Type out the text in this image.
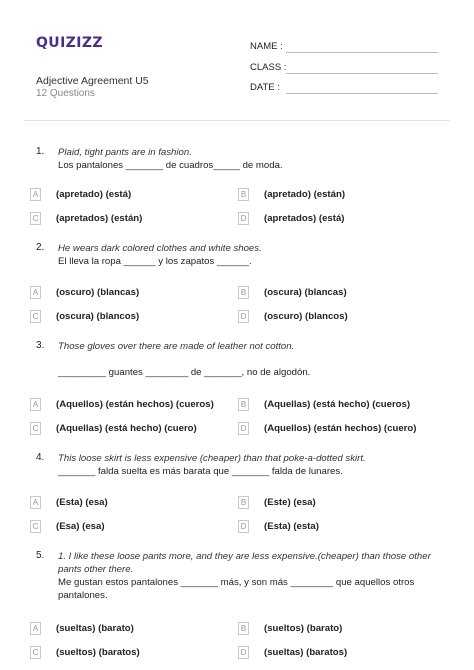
QUIZIZZ
Adjective Agreement U5
12 Questions
NAME :
CLASS :
DATE :
1. Plaid, tight pants are in fashion.
Los pantalones _______ de cuadros_____ de moda.
A (apretado) (está)	B (apretado) (están)
C (apretados) (están)	D (apretados) (está)
2. He wears dark colored clothes and white shoes.
El lleva la ropa ______ y los zapatos ______.
A (oscuro) (blancas)	B (oscura) (blancas)
C (oscura) (blancos)	D (oscuro) (blancos)
3. Those gloves over there are made of leather not cotton.
_________ guantes ________ de _______, no de algodón.
A (Aquellos) (están hechos) (cueros)	B (Aquellas) (está hecho) (cueros)
C (Aquellas) (está hecho) (cuero)	D (Aquellos) (están hechos) (cuero)
4. This loose skirt is less expensive (cheaper) than that poke-a-dotted skirt.
_______ falda suelta es más barata que _______ falda de lunares.
A (Esta) (esa)	B (Este) (esa)
C (Esa) (esa)	D (Esta) (esta)
5. 1. I like these loose pants more, and they are less expensive.(cheaper) than those other pants other there.
Me gustan estos pantalones _______ más, y son más ________ que aquellos otros pantalones.
A (sueltas) (barato)	B (sueltos) (barato)
C (sueltos) (baratos)	D (sueltas) (baratos)
